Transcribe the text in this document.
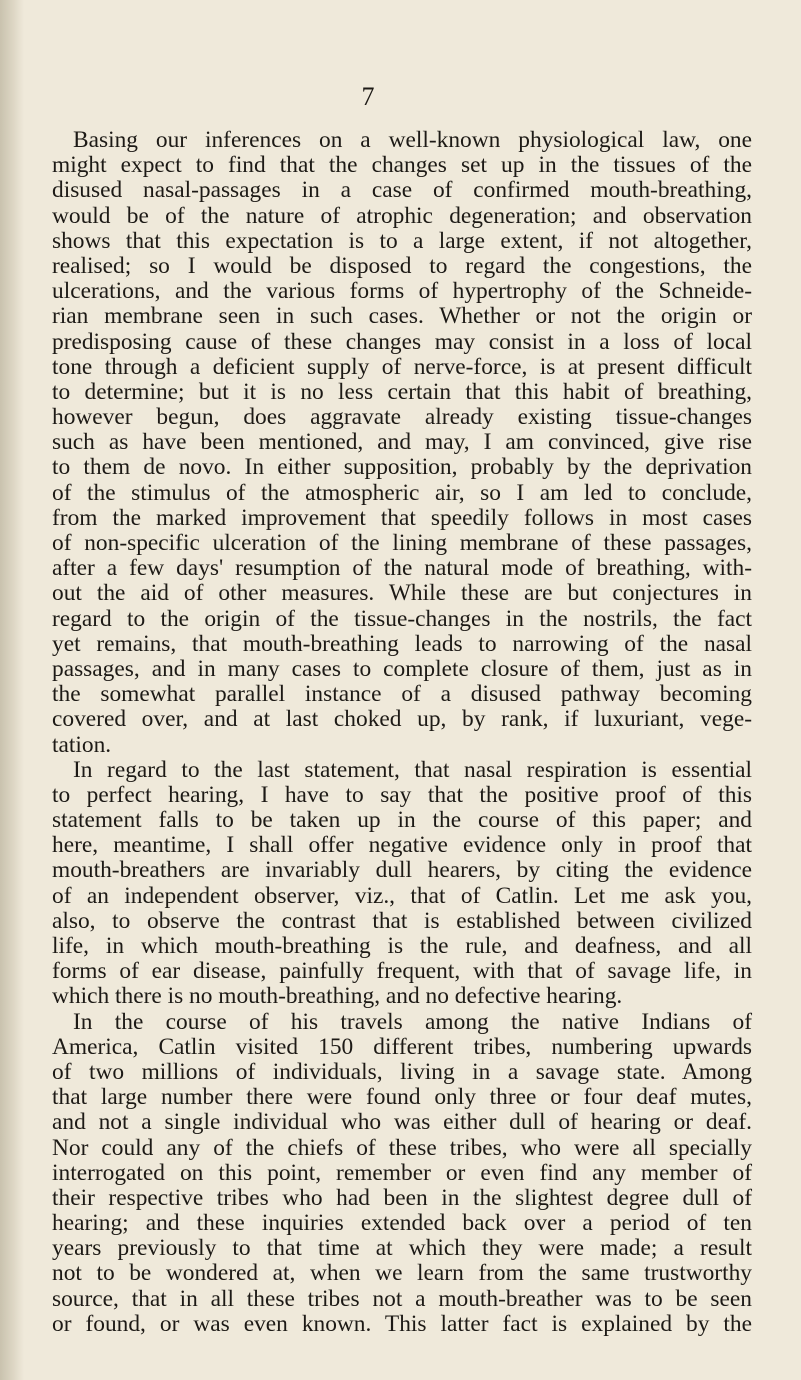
7
Basing our inferences on a well-known physiological law, one
might expect to find that the changes set up in the tissues of the
disused nasal-passages in a case of confirmed mouth-breathing,
would be of the nature of atrophic degeneration; and observation
shows that this expectation is to a large extent, if not altogether,
realised; so I would be disposed to regard the congestions, the
ulcerations, and the various forms of hypertrophy of the Schneide-
rian membrane seen in such cases. Whether or not the origin or
predisposing cause of these changes may consist in a loss of local
tone through a deficient supply of nerve-force, is at present difficult
to determine; but it is no less certain that this habit of breathing,
however begun, does aggravate already existing tissue-changes
such as have been mentioned, and may, I am convinced, give rise
to them de novo. In either supposition, probably by the deprivation
of the stimulus of the atmospheric air, so I am led to conclude,
from the marked improvement that speedily follows in most cases
of non-specific ulceration of the lining membrane of these passages,
after a few days' resumption of the natural mode of breathing, with-
out the aid of other measures. While these are but conjectures in
regard to the origin of the tissue-changes in the nostrils, the fact
yet remains, that mouth-breathing leads to narrowing of the nasal
passages, and in many cases to complete closure of them, just as in
the somewhat parallel instance of a disused pathway becoming
covered over, and at last choked up, by rank, if luxuriant, vege-
tation.
In regard to the last statement, that nasal respiration is essential
to perfect hearing, I have to say that the positive proof of this
statement falls to be taken up in the course of this paper; and
here, meantime, I shall offer negative evidence only in proof that
mouth-breathers are invariably dull hearers, by citing the evidence
of an independent observer, viz., that of Catlin. Let me ask you,
also, to observe the contrast that is established between civilized
life, in which mouth-breathing is the rule, and deafness, and all
forms of ear disease, painfully frequent, with that of savage life, in
which there is no mouth-breathing, and no defective hearing.
In the course of his travels among the native Indians of
America, Catlin visited 150 different tribes, numbering upwards
of two millions of individuals, living in a savage state. Among
that large number there were found only three or four deaf mutes,
and not a single individual who was either dull of hearing or deaf.
Nor could any of the chiefs of these tribes, who were all specially
interrogated on this point, remember or even find any member of
their respective tribes who had been in the slightest degree dull of
hearing; and these inquiries extended back over a period of ten
years previously to that time at which they were made; a result
not to be wondered at, when we learn from the same trustworthy
source, that in all these tribes not a mouth-breather was to be seen
or found, or was even known. This latter fact is explained by the
